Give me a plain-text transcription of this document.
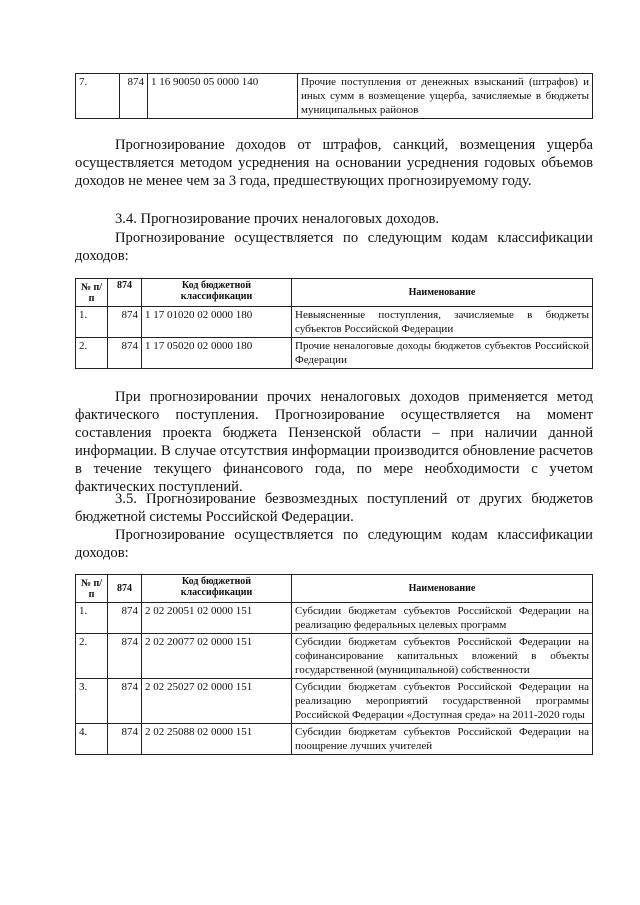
7.	874	1 16 90050 05 0000 140	Прочие поступления от денежных взысканий (штрафов) и иных сумм в возмещение ущерба, зачисляемые в бюджеты муниципальных районов

Прогнозирование доходов от штрафов, санкций, возмещения ущерба осуществляется методом усреднения на основании усреднения годовых объемов доходов не менее чем за 3 года, предшествующих прогнозируемому году.

3.4. Прогнозирование прочих неналоговых доходов.

Прогнозирование осуществляется по следующим кодам классификации доходов:

№ п/п	874	Код бюджетной классификации	Наименование
1.	874	1 17 01020 02 0000 180	Невыясненные поступления, зачисляемые в бюджеты субъектов Российской Федерации
2.	874	1 17 05020 02 0000 180	Прочие неналоговые доходы бюджетов субъектов Российской Федерации

При прогнозировании прочих неналоговых доходов применяется метод фактического поступления. Прогнозирование осуществляется на момент составления проекта бюджета Пензенской области – при наличии данной информации. В случае отсутствия информации производится обновление расчетов в течение текущего финансового года, по мере необходимости с учетом фактических поступлений.

3.5. Прогнозирование безвозмездных поступлений от других бюджетов бюджетной системы Российской Федерации.

Прогнозирование осуществляется по следующим кодам классификации доходов:

№ п/п	874	Код бюджетной классификации	Наименование
1.	874	2 02 20051 02 0000 151	Субсидии бюджетам субъектов Российской Федерации на реализацию федеральных целевых программ
2.	874	2 02 20077 02 0000 151	Субсидии бюджетам субъектов Российской Федерации на софинансирование капитальных вложений в объекты государственной (муниципальной) собственности
3.	874	2 02 25027 02 0000 151	Субсидии бюджетам субъектов Российской Федерации на реализацию мероприятий государственной программы Российской Федерации «Доступная среда» на 2011-2020 годы
4.	874	2 02 25088 02 0000 151	Субсидии бюджетам субъектов Российской Федерации на поощрение лучших учителей
